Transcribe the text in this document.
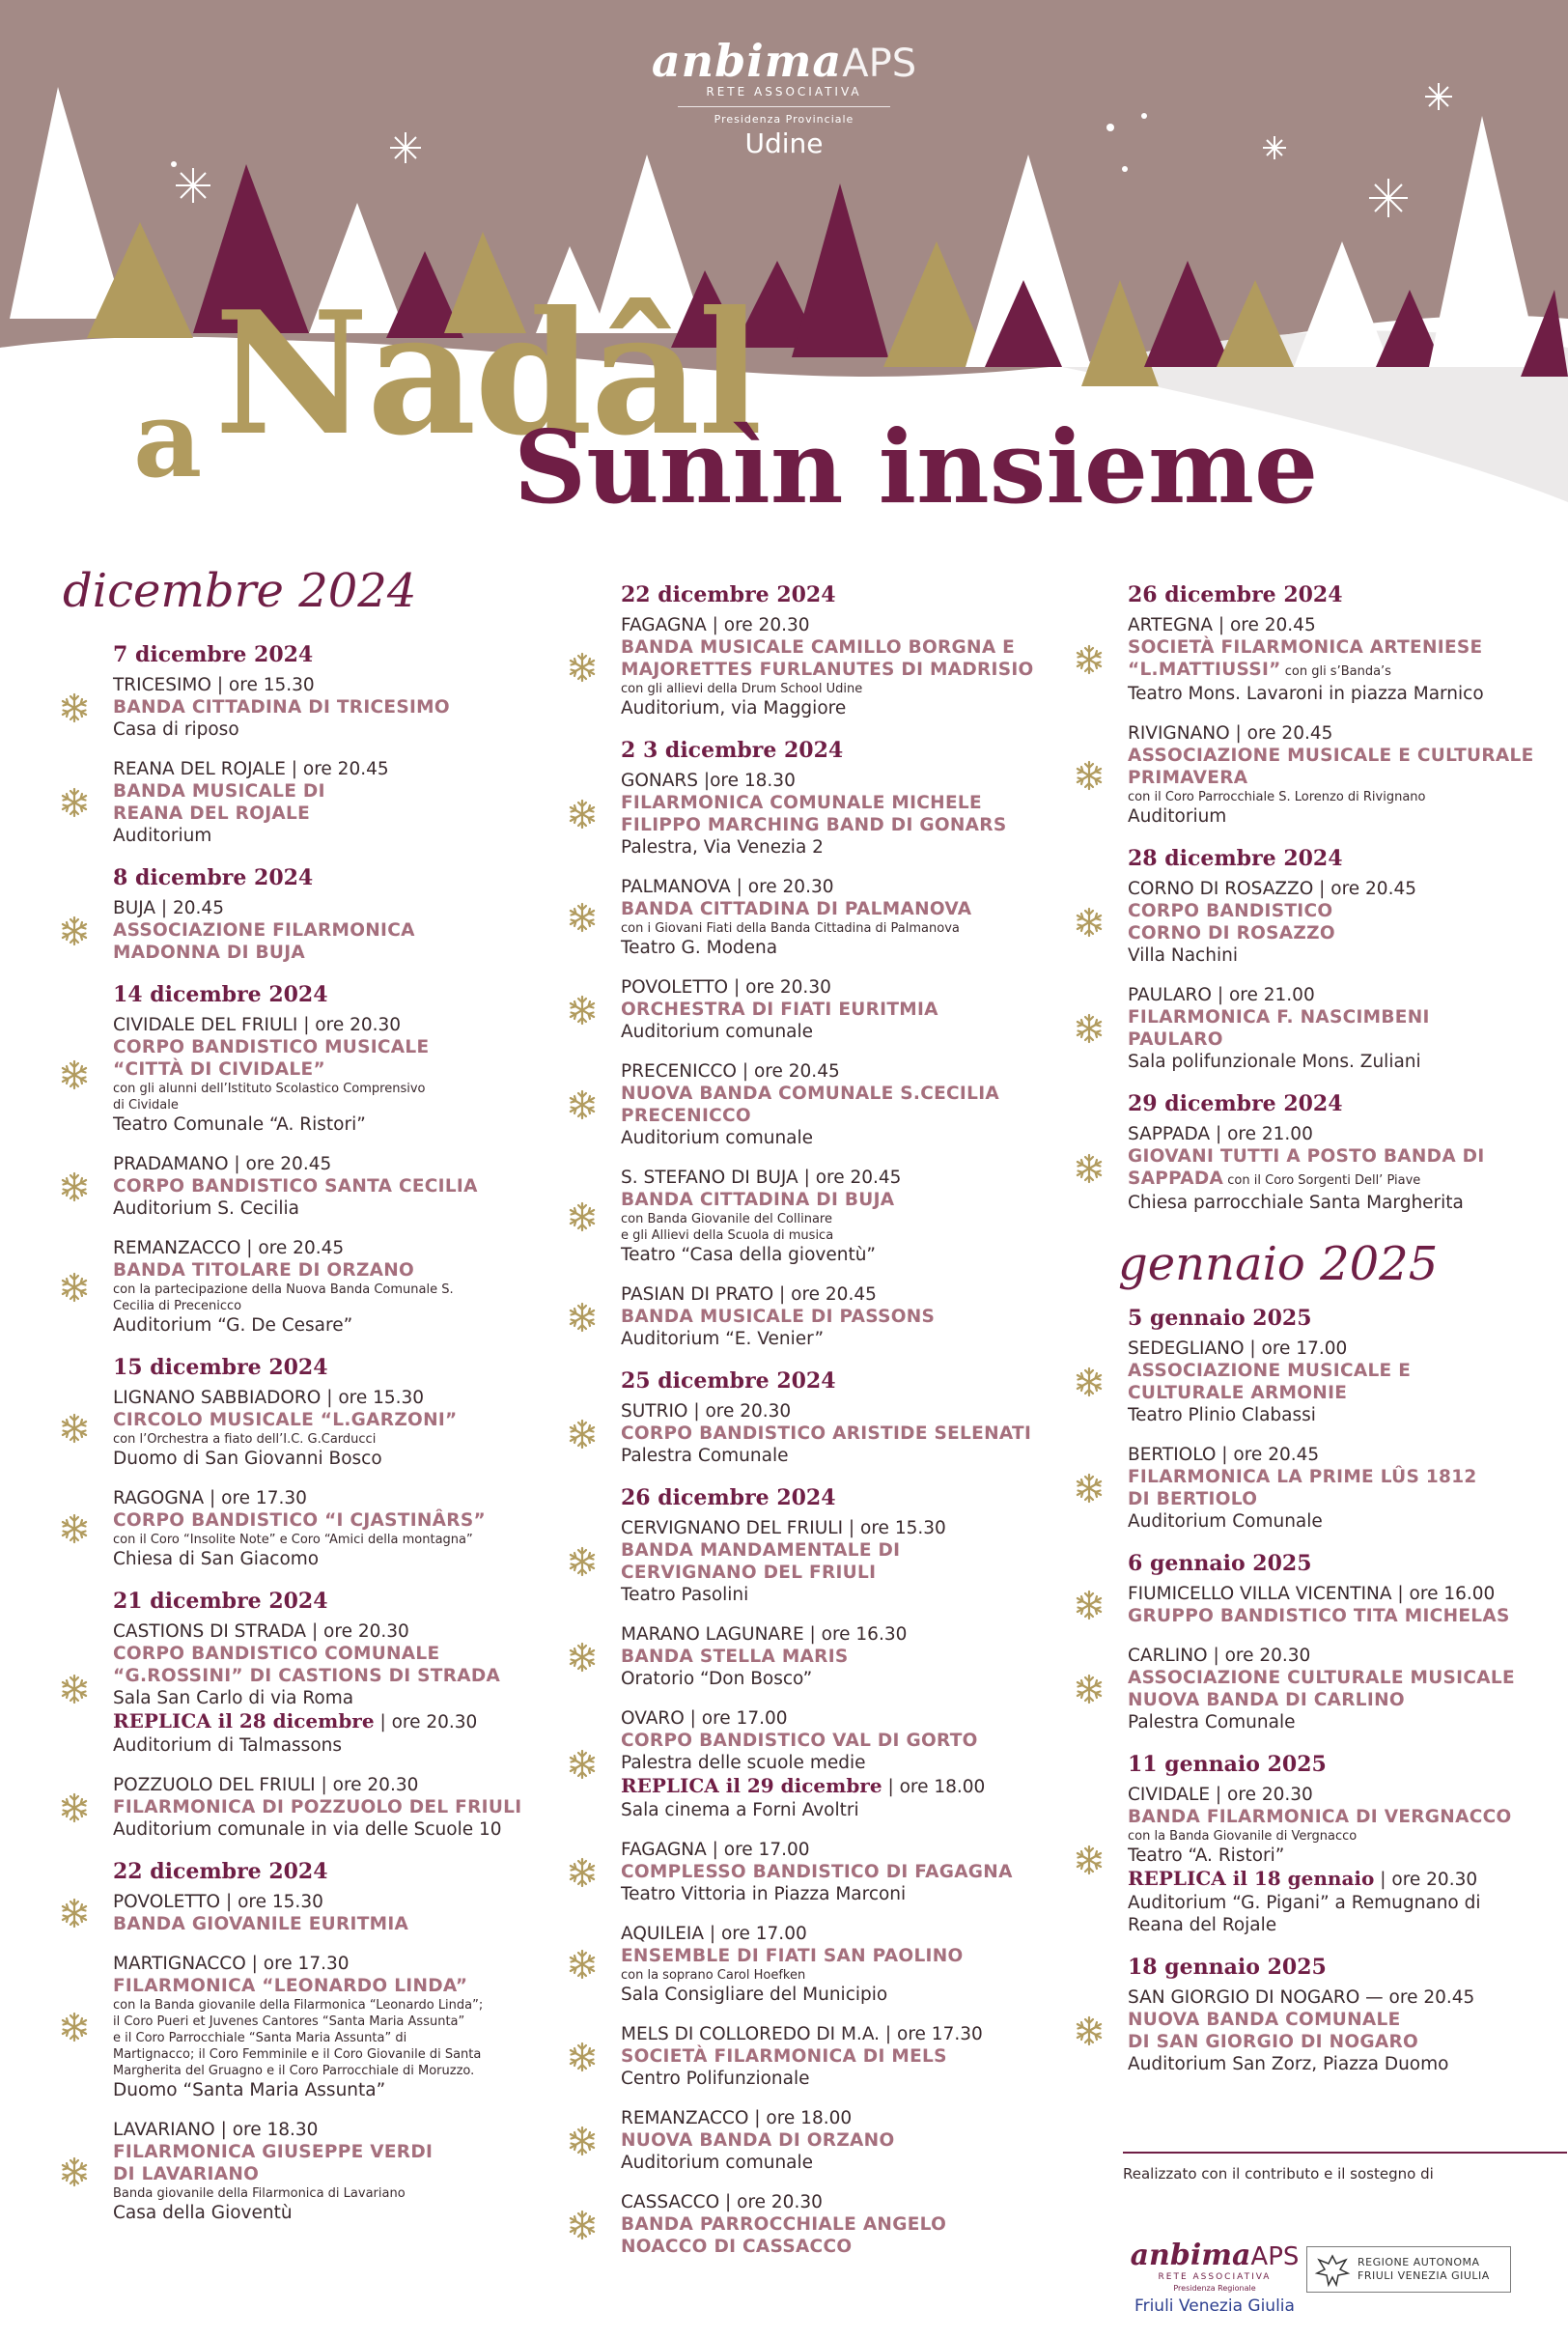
anbimaAPS
RETE ASSOCIATIVA
Presidenza Provinciale
Udine
a Nadâl
Sunìn insieme
dicembre 2024
7 dicembre 2024
TRICESIMO | ore 15.30
BANDA CITTADINA DI TRICESIMO
Casa di riposo
REANA DEL ROJALE | ore 20.45
BANDA MUSICALE DI
REANA DEL ROJALE
Auditorium
8 dicembre 2024
BUJA | 20.45
ASSOCIAZIONE FILARMONICA
MADONNA DI BUJA
14 dicembre 2024
CIVIDALE DEL FRIULI | ore 20.30
CORPO BANDISTICO MUSICALE
“CITTÀ DI CIVIDALE”
con gli alunni dell’Istituto Scolastico Comprensivo
di Cividale
Teatro Comunale “A. Ristori”
PRADAMANO | ore 20.45
CORPO BANDISTICO SANTA CECILIA
Auditorium S. Cecilia
REMANZACCO | ore 20.45
BANDA TITOLARE DI ORZANO
con la partecipazione della Nuova Banda Comunale S.
Cecilia di Precenicco
Auditorium “G. De Cesare”
15 dicembre 2024
LIGNANO SABBIADORO | ore 15.30
CIRCOLO MUSICALE “L.GARZONI”
con l’Orchestra a fiato dell’I.C. G.Carducci
Duomo di San Giovanni Bosco
RAGOGNA | ore 17.30
CORPO BANDISTICO “I CJASTINÂRS”
con il Coro “Insolite Note” e Coro “Amici della montagna”
Chiesa di San Giacomo
21 dicembre 2024
CASTIONS DI STRADA | ore 20.30
CORPO BANDISTICO COMUNALE
“G.ROSSINI” DI CASTIONS DI STRADA
Sala San Carlo di via Roma
REPLICA il 28 dicembre | ore 20.30
Auditorium di Talmassons
POZZUOLO DEL FRIULI | ore 20.30
FILARMONICA DI POZZUOLO DEL FRIULI
Auditorium comunale in via delle Scuole 10
22 dicembre 2024
POVOLETTO | ore 15.30
BANDA GIOVANILE EURITMIA
MARTIGNACCO | ore 17.30
FILARMONICA “LEONARDO LINDA”
con la Banda giovanile della Filarmonica “Leonardo Linda”;
il Coro Pueri et Juvenes Cantores “Santa Maria Assunta”
e il Coro Parrocchiale “Santa Maria Assunta” di
Martignacco; il Coro Femminile e il Coro Giovanile di Santa
Margherita del Gruagno e il Coro Parrocchiale di Moruzzo.
Duomo “Santa Maria Assunta”
LAVARIANO | ore 18.30
FILARMONICA GIUSEPPE VERDI
DI LAVARIANO
Banda giovanile della Filarmonica di Lavariano
Casa della Gioventù
22 dicembre 2024
FAGAGNA | ore 20.30
BANDA MUSICALE CAMILLO BORGNA E
MAJORETTES FURLANUTES DI MADRISIO
con gli allievi della Drum School Udine
Auditorium, via Maggiore
2 3 dicembre 2024
GONARS |ore 18.30
FILARMONICA COMUNALE MICHELE
FILIPPO MARCHING BAND DI GONARS
Palestra, Via Venezia 2
PALMANOVA | ore 20.30
BANDA CITTADINA DI PALMANOVA
con i Giovani Fiati della Banda Cittadina di Palmanova
Teatro G. Modena
POVOLETTO | ore 20.30
ORCHESTRA DI FIATI EURITMIA
Auditorium comunale
PRECENICCO | ore 20.45
NUOVA BANDA COMUNALE S.CECILIA
PRECENICCO
Auditorium comunale
S. STEFANO DI BUJA | ore 20.45
BANDA CITTADINA DI BUJA
con Banda Giovanile del Collinare
e gli Allievi della Scuola di musica
Teatro “Casa della gioventù”
PASIAN DI PRATO | ore 20.45
BANDA MUSICALE DI PASSONS
Auditorium “E. Venier”
25 dicembre 2024
SUTRIO | ore 20.30
CORPO BANDISTICO ARISTIDE SELENATI
Palestra Comunale
26 dicembre 2024
CERVIGNANO DEL FRIULI | ore 15.30
BANDA MANDAMENTALE DI
CERVIGNANO DEL FRIULI
Teatro Pasolini
MARANO LAGUNARE | ore 16.30
BANDA STELLA MARIS
Oratorio “Don Bosco”
OVARO | ore 17.00
CORPO BANDISTICO VAL DI GORTO
Palestra delle scuole medie
REPLICA il 29 dicembre | ore 18.00
Sala cinema a Forni Avoltri
FAGAGNA | ore 17.00
COMPLESSO BANDISTICO DI FAGAGNA
Teatro Vittoria in Piazza Marconi
AQUILEIA | ore 17.00
ENSEMBLE DI FIATI SAN PAOLINO
con la soprano Carol Hoefken
Sala Consigliare del Municipio
MELS DI COLLOREDO DI M.A. | ore 17.30
SOCIETÀ FILARMONICA DI MELS
Centro Polifunzionale
REMANZACCO | ore 18.00
NUOVA BANDA DI ORZANO
Auditorium comunale
CASSACCO | ore 20.30
BANDA PARROCCHIALE ANGELO
NOACCO DI CASSACCO
26 dicembre 2024
ARTEGNA | ore 20.45
SOCIETÀ FILARMONICA ARTENIESE
“L.MATTIUSSI” con gli s’Banda’s
Teatro Mons. Lavaroni in piazza Marnico
RIVIGNANO | ore 20.45
ASSOCIAZIONE MUSICALE E CULTURALE
PRIMAVERA
con il Coro Parrocchiale S. Lorenzo di Rivignano
Auditorium
28 dicembre 2024
CORNO DI ROSAZZO | ore 20.45
CORPO BANDISTICO
CORNO DI ROSAZZO
Villa Nachini
PAULARO | ore 21.00
FILARMONICA F. NASCIMBENI
PAULARO
Sala polifunzionale Mons. Zuliani
29 dicembre 2024
SAPPADA | ore 21.00
GIOVANI TUTTI A POSTO BANDA DI
SAPPADA con il Coro Sorgenti Dell’ Piave
Chiesa parrocchiale Santa Margherita
gennaio 2025
5 gennaio 2025
SEDEGLIANO | ore 17.00
ASSOCIAZIONE MUSICALE E
CULTURALE ARMONIE
Teatro Plinio Clabassi
BERTIOLO | ore 20.45
FILARMONICA LA PRIME LÛS 1812
DI BERTIOLO
Auditorium Comunale
6 gennaio 2025
FIUMICELLO VILLA VICENTINA | ore 16.00
GRUPPO BANDISTICO TITA MICHELAS
CARLINO | ore 20.30
ASSOCIAZIONE CULTURALE MUSICALE
NUOVA BANDA DI CARLINO
Palestra Comunale
11 gennaio 2025
CIVIDALE | ore 20.30
BANDA FILARMONICA DI VERGNACCO
con la Banda Giovanile di Vergnacco
Teatro “A. Ristori”
REPLICA il 18 gennaio | ore 20.30
Auditorium “G. Pigani” a Remugnano di
Reana del Rojale
18 gennaio 2025
SAN GIORGIO DI NOGARO — ore 20.45
NUOVA BANDA COMUNALE
DI SAN GIORGIO DI NOGARO
Auditorium San Zorz, Piazza Duomo
Realizzato con il contributo e il sostegno di
anbimaAPS
RETE ASSOCIATIVA
Presidenza Regionale
Friuli Venezia Giulia
REGIONE AUTONOMA
FRIULI VENEZIA GIULIA
